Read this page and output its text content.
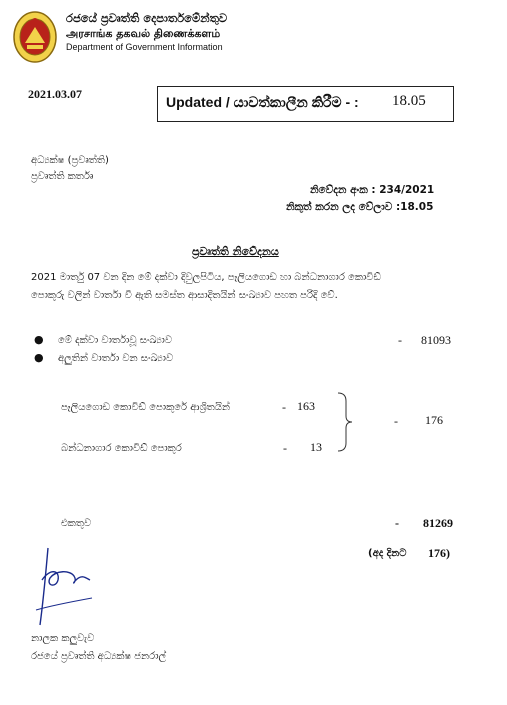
රජයේ ප්‍රවෘත්ති දෙපාර්තමේන්තුව
அரசாங்க தகவல் திணைக்களம்
Department of Government Information
2021.03.07	Updated / යාවත්කාලීන කිරීම - : 18.05
අධ්‍යක්ෂ (ප්‍රවෘත්ති)
ප්‍රවෘත්ති කර්තෘ
නිවේදන අංක : 234/2021
නිකුත් කරන ලද වේලාව :18.05
ප්‍රවෘත්ති නිවේදනය
2021 මාර්තු 07 වන දින මේ දක්වා දිවුලපිටිය, පෑලියගොඩ හා බන්ධනාගාර කොවිඩ්
පොකුරු වලින් වාර්තා වී ඇති සමස්ත ආසාදිතයින් සංඛ්‍යාව පහත පරිදි වේ.
● මේ දක්වා වාර්තාවූ සංඛ්‍යාව	- 81093
● අලුතින් වාර්තා වන සංඛ්‍යාව
පෑලියගොඩ කොවිඩ් පොකුරේ ආශ්‍රිතයින්	- 163
බන්ධනාගාර කොවිඩ් පොකුර	- 13
- 176
එකතුව	- 81269
(අද දිනට 176)
නාලක කලුවැව
රජයේ ප්‍රවෘත්ති අධ්‍යක්ෂ ජනරාල්
